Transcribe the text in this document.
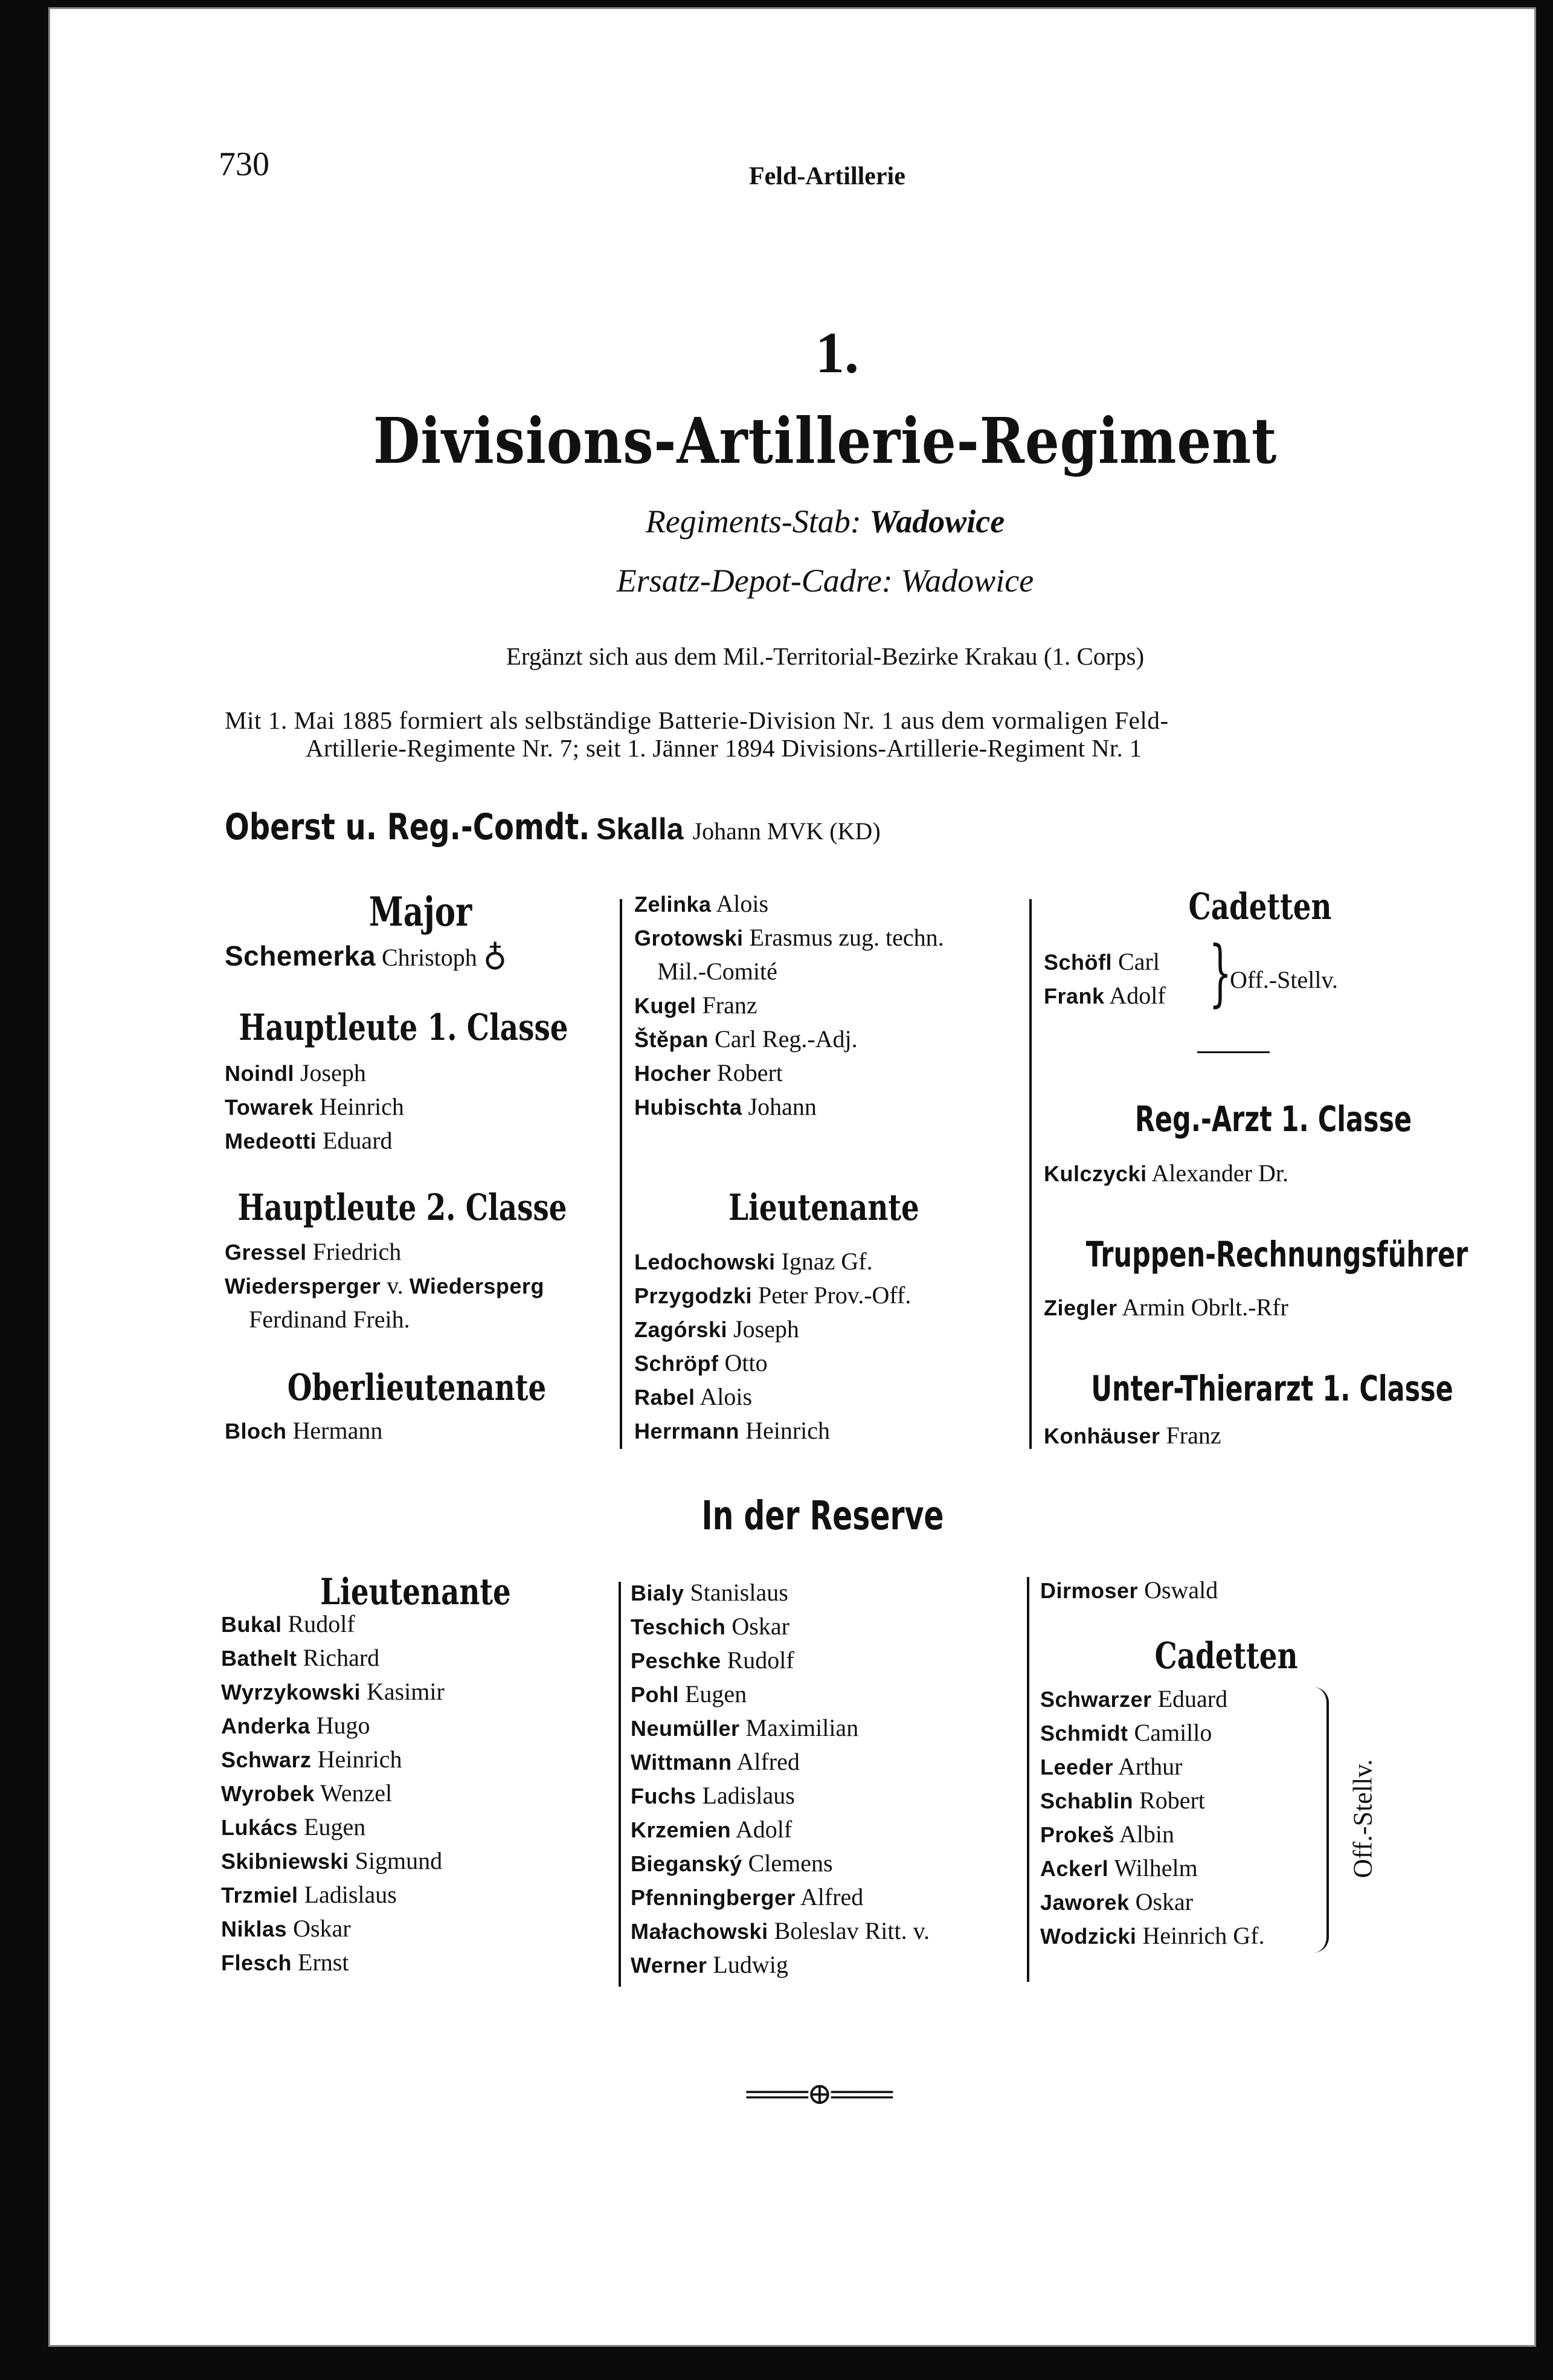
730	Feld-Artillerie
1.
Divisions-Artillerie-Regiment
Regiments-Stab: Wadowice
Ersatz-Depot-Cadre: Wadowice
Ergänzt sich aus dem Mil.-Territorial-Bezirke Krakau (1. Corps)
Mit 1. Mai 1885 formiert als selbständige Batterie-Division Nr. 1 aus dem vormaligen Feld-
Artillerie-Regimente Nr. 7; seit 1. Jänner 1894 Divisions-Artillerie-Regiment Nr. 1
Oberst u. Reg.-Comdt. Skalla Johann MVK (KD)
Major
Schemerka Christoph ♁
Hauptleute 1. Classe
Noindl Joseph
Towarek Heinrich
Medeotti Eduard
Hauptleute 2. Classe
Gressel Friedrich
Wiedersperger v. Wiedersperg
Ferdinand Freih.
Oberlieutenante
Bloch Hermann
Zelinka Alois
Grotowski Erasmus zug. techn.
Mil.-Comité
Kugel Franz
Štěpan Carl Reg.-Adj.
Hocher Robert
Hubischta Johann
Lieutenante
Ledochowski Ignaz Gf.
Przygodzki Peter Prov.-Off.
Zagórski Joseph
Schröpf Otto
Rabel Alois
Herrmann Heinrich
Cadetten
Schöfl Carl
Frank Adolf }
Off.-Stellv.
Reg.-Arzt 1. Classe
Kulczycki Alexander Dr.
Truppen-Rechnungsführer
Ziegler Armin Obrlt.-Rfr
Unter-Thierarzt 1. Classe
Konhäuser Franz
In der Reserve
Lieutenante
Bukal Rudolf
Bathelt Richard
Wyrzykowski Kasimir
Anderka Hugo
Schwarz Heinrich
Wyrobek Wenzel
Lukács Eugen
Skibniewski Sigmund
Trzmiel Ladislaus
Niklas Oskar
Flesch Ernst
Bialy Stanislaus
Teschich Oskar
Peschke Rudolf
Pohl Eugen
Neumüller Maximilian
Wittmann Alfred
Fuchs Ladislaus
Krzemien Adolf
Bieganský Clemens
Pfenningberger Alfred
Małachowski Boleslav Ritt. v.
Werner Ludwig
Dirmoser Oswald
Cadetten
Schwarzer Eduard
Schmidt Camillo
Leeder Arthur
Schablin Robert
Prokeš Albin
Ackerl Wilhelm
Jaworek Oskar
Wodzicki Heinrich Gf.
Off.-Stellv.
═══⊕═══
